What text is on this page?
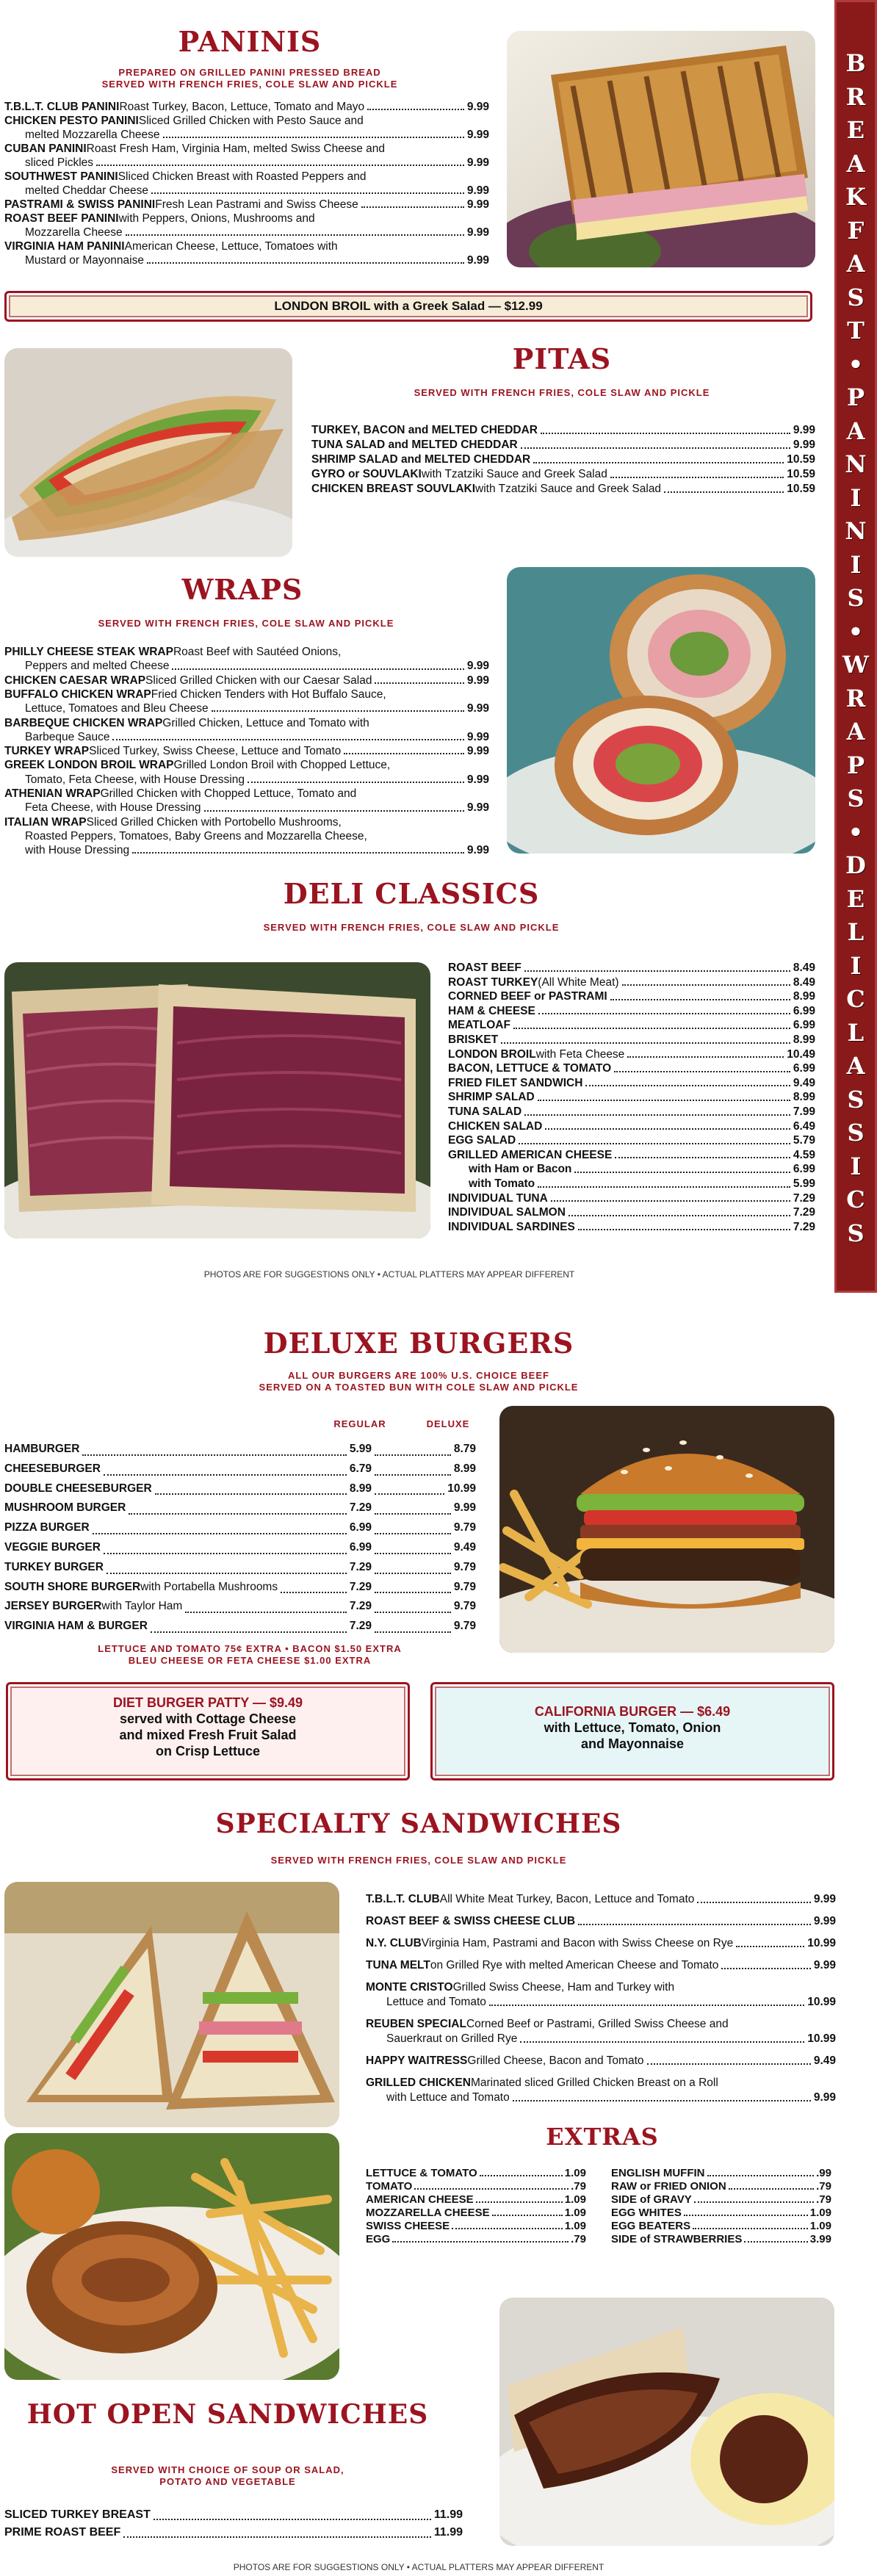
B
R
E
A
K
F
A
S
T
•
P
A
N
I
N
I
S
•
W
R
A
P
S
•
D
E
L
I
C
L
A
S
S
I
C
S
PANINIS
PREPARED ON GRILLED PANINI PRESSED BREAD
SERVED WITH FRENCH FRIES, COLE SLAW AND PICKLE
T.B.L.T. CLUB PANINI Roast Turkey, Bacon, Lettuce, Tomato and Mayo	9.99
CHICKEN PESTO PANINI Sliced Grilled Chicken with Pesto Sauce and
melted Mozzarella Cheese	9.99
CUBAN PANINI Roast Fresh Ham, Virginia Ham, melted Swiss Cheese and
sliced Pickles	9.99
SOUTHWEST PANINI Sliced Chicken Breast with Roasted Peppers and
melted Cheddar Cheese	9.99
PASTRAMI & SWISS PANINI Fresh Lean Pastrami and Swiss Cheese	9.99
ROAST BEEF PANINI with Peppers, Onions, Mushrooms and
Mozzarella Cheese	9.99
VIRGINIA HAM PANINI American Cheese, Lettuce, Tomatoes with
Mustard or Mayonnaise	9.99
LONDON BROIL with a Greek Salad — $12.99
PITAS
SERVED WITH FRENCH FRIES, COLE SLAW AND PICKLE
TURKEY, BACON and MELTED CHEDDAR	9.99
TUNA SALAD and MELTED CHEDDAR	9.99
SHRIMP SALAD and MELTED CHEDDAR	10.59
GYRO or SOUVLAKI with Tzatziki Sauce and Greek Salad	10.59
CHICKEN BREAST SOUVLAKI with Tzatziki Sauce and Greek Salad	10.59
WRAPS
SERVED WITH FRENCH FRIES, COLE SLAW AND PICKLE
PHILLY CHEESE STEAK WRAP Roast Beef with Sautéed Onions,
Peppers and melted Cheese	9.99
CHICKEN CAESAR WRAP Sliced Grilled Chicken with our Caesar Salad	9.99
BUFFALO CHICKEN WRAP Fried Chicken Tenders with Hot Buffalo Sauce,
Lettuce, Tomatoes and Bleu Cheese	9.99
BARBEQUE CHICKEN WRAP Grilled Chicken, Lettuce and Tomato with
Barbeque Sauce	9.99
TURKEY WRAP Sliced Turkey, Swiss Cheese, Lettuce and Tomato	9.99
GREEK LONDON BROIL WRAP Grilled London Broil with Chopped Lettuce,
Tomato, Feta Cheese, with House Dressing	9.99
ATHENIAN WRAP Grilled Chicken with Chopped Lettuce, Tomato and
Feta Cheese, with House Dressing	9.99
ITALIAN WRAP Sliced Grilled Chicken with Portobello Mushrooms,
Roasted Peppers, Tomatoes, Baby Greens and Mozzarella Cheese,
with House Dressing	9.99
DELI CLASSICS
SERVED WITH FRENCH FRIES, COLE SLAW AND PICKLE
ROAST BEEF	8.49
ROAST TURKEY (All White Meat)	8.49
CORNED BEEF or PASTRAMI	8.99
HAM & CHEESE	6.99
MEATLOAF	6.99
BRISKET	8.99
LONDON BROIL with Feta Cheese	10.49
BACON, LETTUCE & TOMATO	6.99
FRIED FILET SANDWICH	9.49
SHRIMP SALAD	8.99
TUNA SALAD	7.99
CHICKEN SALAD	6.49
EGG SALAD	5.79
GRILLED AMERICAN CHEESE	4.59
with Ham or Bacon	6.99
with Tomato	5.99
INDIVIDUAL TUNA	7.29
INDIVIDUAL SALMON	7.29
INDIVIDUAL SARDINES	7.29
PHOTOS ARE FOR SUGGESTIONS ONLY • ACTUAL PLATTERS MAY APPEAR DIFFERENT
DELUXE BURGERS
ALL OUR BURGERS ARE 100% U.S. CHOICE BEEF
SERVED ON A TOASTED BUN WITH COLE SLAW AND PICKLE
REGULAR	DELUXE
HAMBURGER	5.99	8.79
CHEESEBURGER	6.79	8.99
DOUBLE CHEESEBURGER	8.99	10.99
MUSHROOM BURGER	7.29	9.99
PIZZA BURGER	6.99	9.79
VEGGIE BURGER	6.99	9.49
TURKEY BURGER	7.29	9.79
SOUTH SHORE BURGER with Portabella Mushrooms	7.29	9.79
JERSEY BURGER with Taylor Ham	7.29	9.79
VIRGINIA HAM & BURGER	7.29	9.79
LETTUCE AND TOMATO 75¢ EXTRA • BACON $1.50 EXTRA
BLEU CHEESE OR FETA CHEESE $1.00 EXTRA
DIET BURGER PATTY — $9.49
served with Cottage Cheese
and mixed Fresh Fruit Salad
on Crisp Lettuce
CALIFORNIA BURGER — $6.49
with Lettuce, Tomato, Onion
and Mayonnaise
SPECIALTY SANDWICHES
SERVED WITH FRENCH FRIES, COLE SLAW AND PICKLE
T.B.L.T. CLUB All White Meat Turkey, Bacon, Lettuce and Tomato	9.99
ROAST BEEF & SWISS CHEESE CLUB	9.99
N.Y. CLUB Virginia Ham, Pastrami and Bacon with Swiss Cheese on Rye	10.99
TUNA MELT on Grilled Rye with melted American Cheese and Tomato	9.99
MONTE CRISTO Grilled Swiss Cheese, Ham and Turkey with
Lettuce and Tomato	10.99
REUBEN SPECIAL Corned Beef or Pastrami, Grilled Swiss Cheese and
Sauerkraut on Grilled Rye	10.99
HAPPY WAITRESS Grilled Cheese, Bacon and Tomato	9.49
GRILLED CHICKEN Marinated sliced Grilled Chicken Breast on a Roll
with Lettuce and Tomato	9.99
EXTRAS
LETTUCE & TOMATO	1.09
TOMATO	.79
AMERICAN CHEESE	1.09
MOZZARELLA CHEESE	1.09
SWISS CHEESE	1.09
EGG	.79
ENGLISH MUFFIN	.99
RAW or FRIED ONION	.79
SIDE of GRAVY	.79
EGG WHITES	1.09
EGG BEATERS	1.09
SIDE of STRAWBERRIES	3.99
HOT OPEN SANDWICHES
SERVED WITH CHOICE OF SOUP OR SALAD,
POTATO AND VEGETABLE
SLICED TURKEY BREAST	11.99
PRIME ROAST BEEF	11.99
PHOTOS ARE FOR SUGGESTIONS ONLY • ACTUAL PLATTERS MAY APPEAR DIFFERENT
